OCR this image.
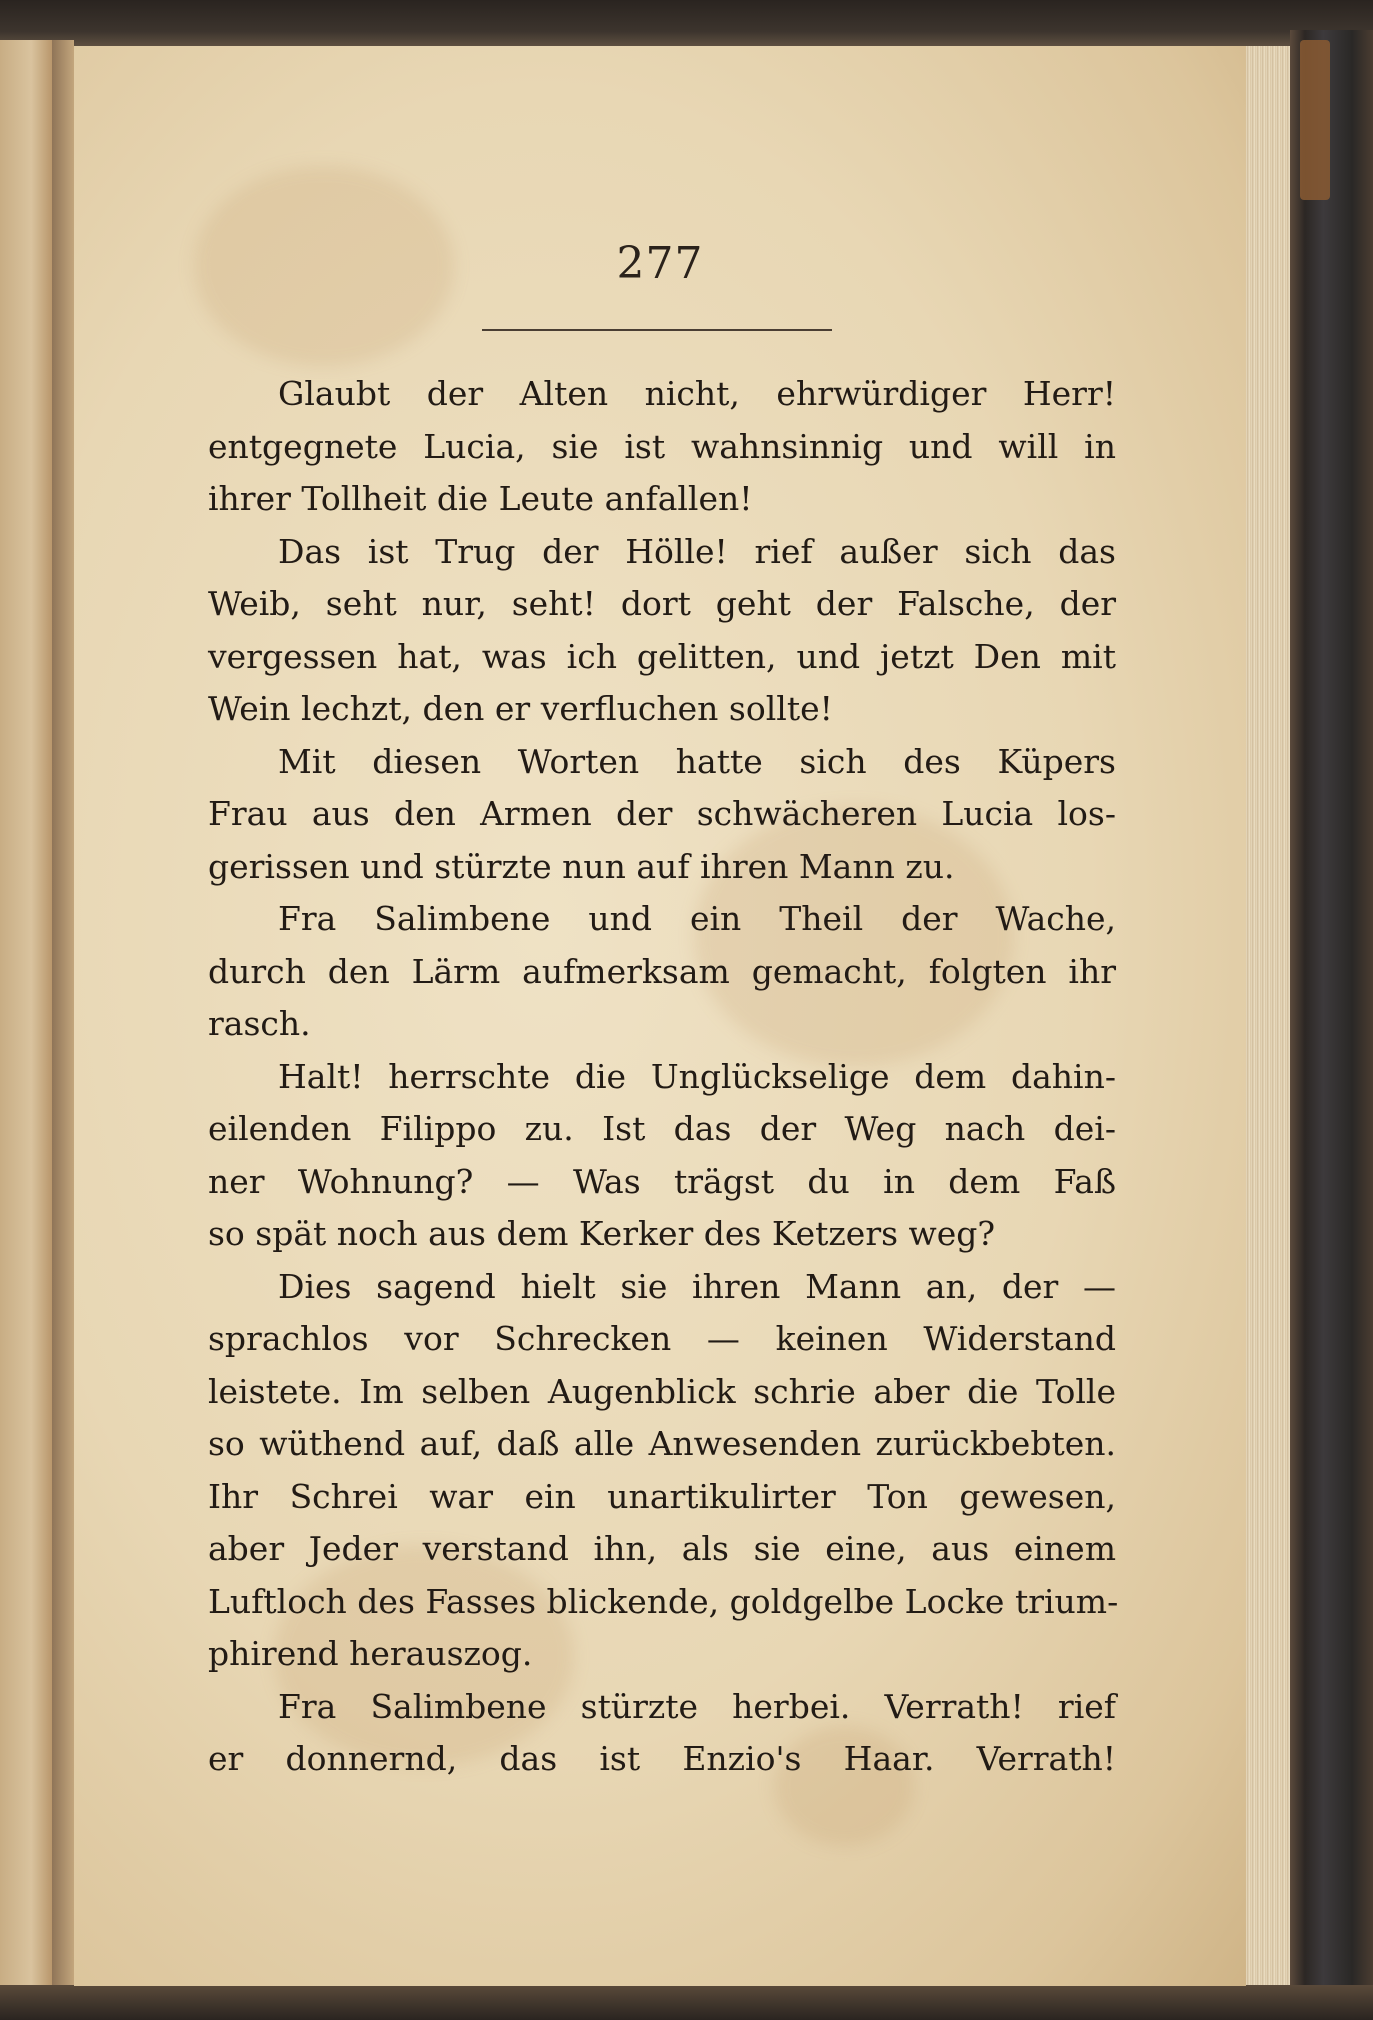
277
Glaubt der Alten nicht, ehrwürdiger Herr!
entgegnete Lucia, sie ist wahnsinnig und will in
ihrer Tollheit die Leute anfallen!
Das ist Trug der Hölle! rief außer sich das
Weib, seht nur, seht! dort geht der Falsche, der
vergessen hat, was ich gelitten, und jetzt Den mit
Wein lechzt, den er verfluchen sollte!
Mit diesen Worten hatte sich des Küpers
Frau aus den Armen der schwächeren Lucia los-
gerissen und stürzte nun auf ihren Mann zu.
Fra Salimbene und ein Theil der Wache,
durch den Lärm aufmerksam gemacht, folgten ihr
rasch.
Halt! herrschte die Unglückselige dem dahin-
eilenden Filippo zu. Ist das der Weg nach dei-
ner Wohnung? — Was trägst du in dem Faß
so spät noch aus dem Kerker des Ketzers weg?
Dies sagend hielt sie ihren Mann an, der —
sprachlos vor Schrecken — keinen Widerstand
leistete. Im selben Augenblick schrie aber die Tolle
so wüthend auf, daß alle Anwesenden zurückbebten.
Ihr Schrei war ein unartikulirter Ton gewesen,
aber Jeder verstand ihn, als sie eine, aus einem
Luftloch des Fasses blickende, goldgelbe Locke trium-
phirend herauszog.
Fra Salimbene stürzte herbei. Verrath! rief
er donnernd, das ist Enzio's Haar. Verrath!
